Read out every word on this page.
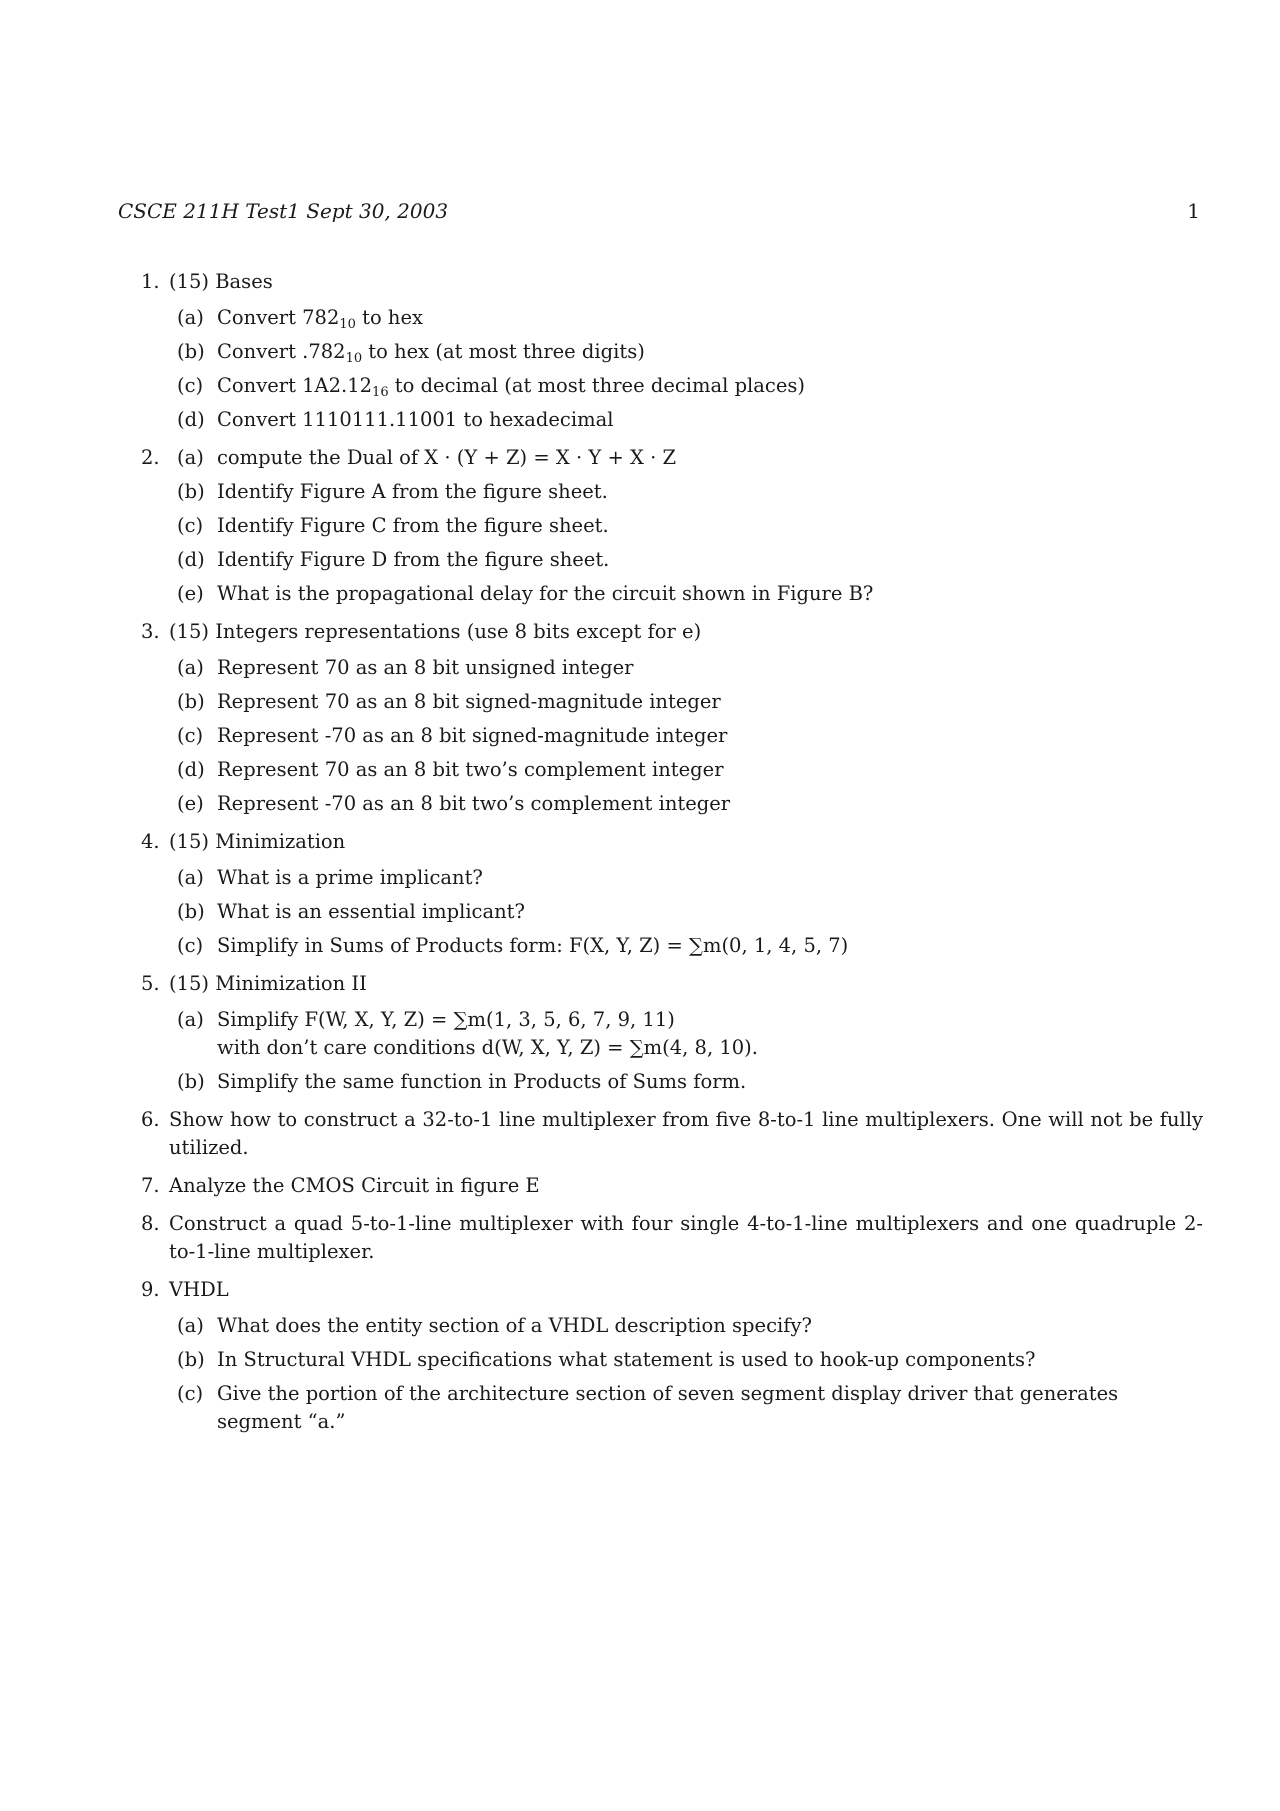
CSCE 211H Test1 Sept 30, 2003	1
1. (15) Bases
(a) Convert $782_{10}$ to hex
(b) Convert $.782_{10}$ to hex (at most three digits)
(c) Convert $1A2.12_{16}$ to decimal (at most three decimal places)
(d) Convert 1110111.11001 to hexadecimal
2. (a) compute the Dual of X · (Y + Z) = X · Y + X · Z
(b) Identify Figure A from the figure sheet.
(c) Identify Figure C from the figure sheet.
(d) Identify Figure D from the figure sheet.
(e) What is the propagational delay for the circuit shown in Figure B?
3. (15) Integers representations (use 8 bits except for e)
(a) Represent 70 as an 8 bit unsigned integer
(b) Represent 70 as an 8 bit signed-magnitude integer
(c) Represent -70 as an 8 bit signed-magnitude integer
(d) Represent 70 as an 8 bit two’s complement integer
(e) Represent -70 as an 8 bit two’s complement integer
4. (15) Minimization
(a) What is a prime implicant?
(b) What is an essential implicant?
(c) Simplify in Sums of Products form: F(X, Y, Z) = ∑m(0, 1, 4, 5, 7)
5. (15) Minimization II
(a) Simplify F(W, X, Y, Z) = ∑m(1, 3, 5, 6, 7, 9, 11)
with don’t care conditions d(W, X, Y, Z) = ∑m(4, 8, 10).
(b) Simplify the same function in Products of Sums form.
6. Show how to construct a 32-to-1 line multiplexer from five 8-to-1 line multiplexers. One will not be fully utilized.
7. Analyze the CMOS Circuit in figure E
8. Construct a quad 5-to-1-line multiplexer with four single 4-to-1-line multiplexers and one quadruple 2-to-1-line multiplexer.
9. VHDL
(a) What does the entity section of a VHDL description specify?
(b) In Structural VHDL specifications what statement is used to hook-up components?
(c) Give the portion of the architecture section of seven segment display driver that generates segment “a.”
